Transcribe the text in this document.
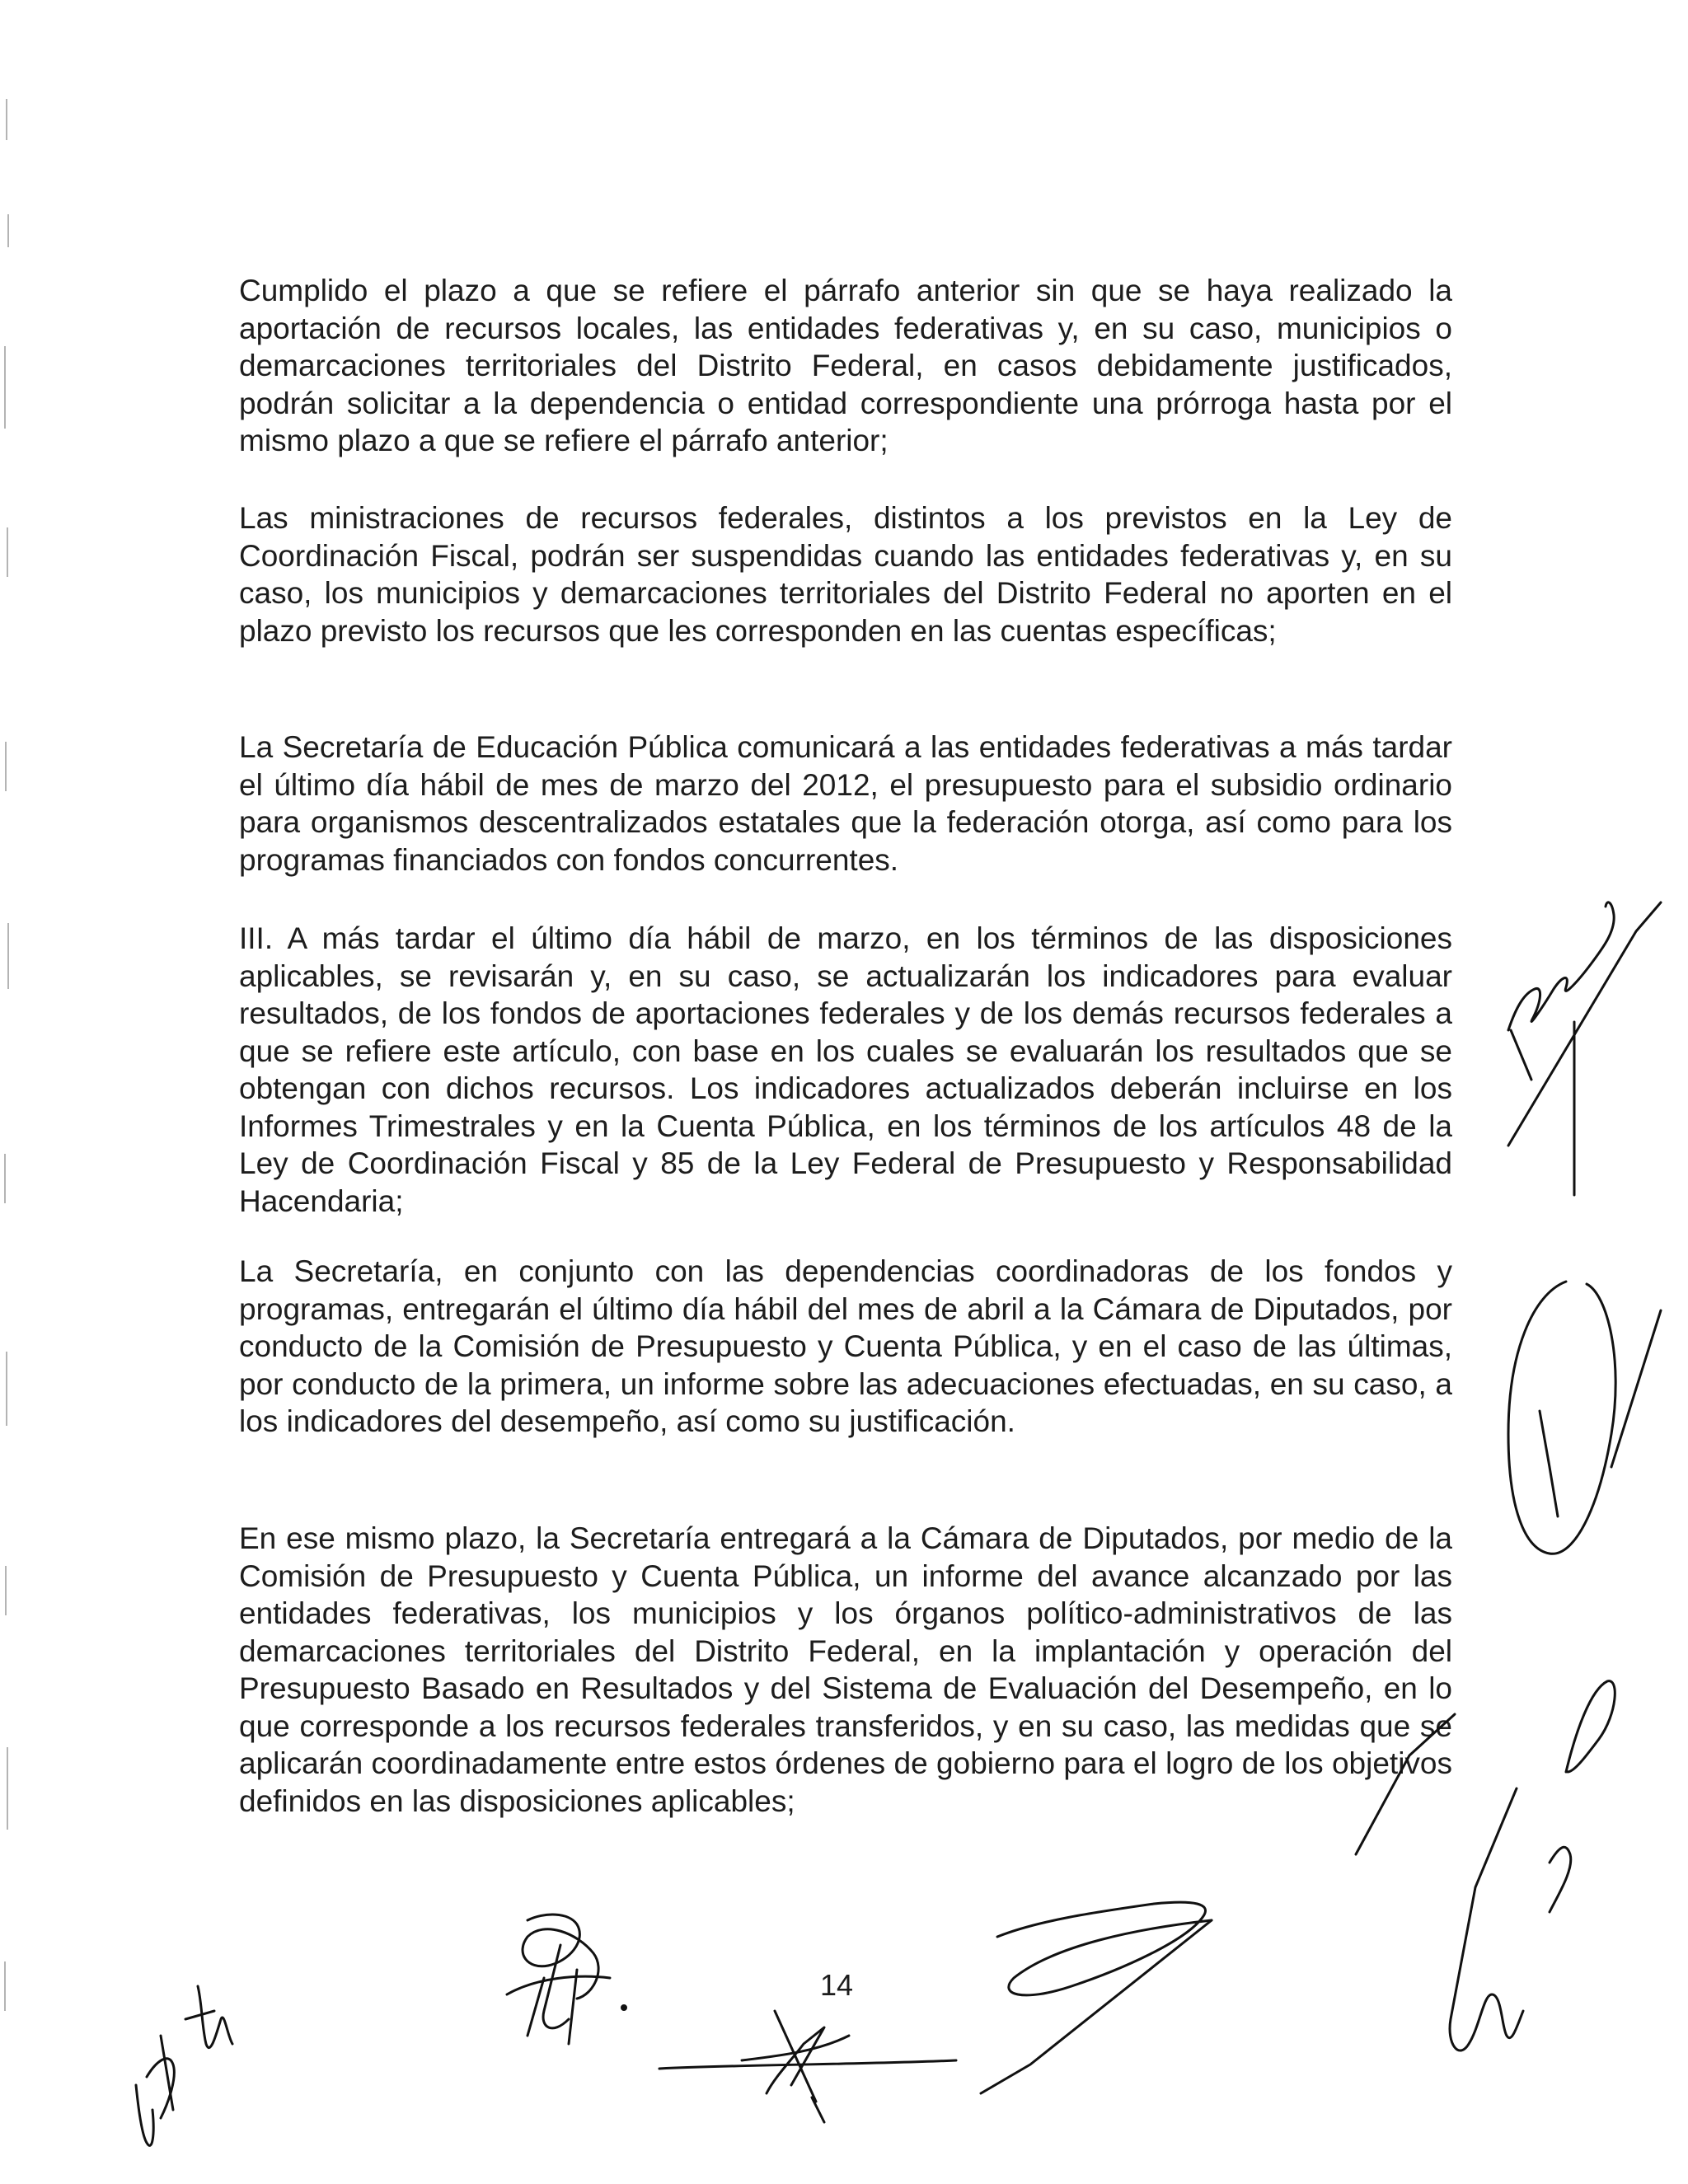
Cumplido el plazo a que se refiere el párrafo anterior sin que se haya realizado la aportación de recursos locales, las entidades federativas y, en su caso, municipios o demarcaciones territoriales del Distrito Federal, en casos debidamente justificados, podrán solicitar a la dependencia o entidad correspondiente una prórroga hasta por el mismo plazo a que se refiere el párrafo anterior;

Las ministraciones de recursos federales, distintos a los previstos en la Ley de Coordinación Fiscal, podrán ser suspendidas cuando las entidades federativas y, en su caso, los municipios y demarcaciones territoriales del Distrito Federal no aporten en el plazo previsto los recursos que les corresponden en las cuentas específicas;

La Secretaría de Educación Pública comunicará a las entidades federativas a más tardar el último día hábil de mes de marzo del 2012, el presupuesto para el subsidio ordinario para organismos descentralizados estatales que la federación otorga, así como para los programas financiados con fondos concurrentes.

III. A más tardar el último día hábil de marzo, en los términos de las disposiciones aplicables, se revisarán y, en su caso, se actualizarán los indicadores para evaluar resultados, de los fondos de aportaciones federales y de los demás recursos federales a que se refiere este artículo, con base en los cuales se evaluarán los resultados que se obtengan con dichos recursos. Los indicadores actualizados deberán incluirse en los Informes Trimestrales y en la Cuenta Pública, en los términos de los artículos 48 de la Ley de Coordinación Fiscal y 85 de la Ley Federal de Presupuesto y Responsabilidad Hacendaria;

La Secretaría, en conjunto con las dependencias coordinadoras de los fondos y programas, entregarán el último día hábil del mes de abril a la Cámara de Diputados, por conducto de la Comisión de Presupuesto y Cuenta Pública, y en el caso de las últimas, por conducto de la primera, un informe sobre las adecuaciones efectuadas, en su caso, a los indicadores del desempeño, así como su justificación.

En ese mismo plazo, la Secretaría entregará a la Cámara de Diputados, por medio de la Comisión de Presupuesto y Cuenta Pública, un informe del avance alcanzado por las entidades federativas, los municipios y los órganos político-administrativos de las demarcaciones territoriales del Distrito Federal, en la implantación y operación del Presupuesto Basado en Resultados y del Sistema de Evaluación del Desempeño, en lo que corresponde a los recursos federales transferidos, y en su caso, las medidas que se aplicarán coordinadamente entre estos órdenes de gobierno para el logro de los objetivos definidos en las disposiciones aplicables;

14
